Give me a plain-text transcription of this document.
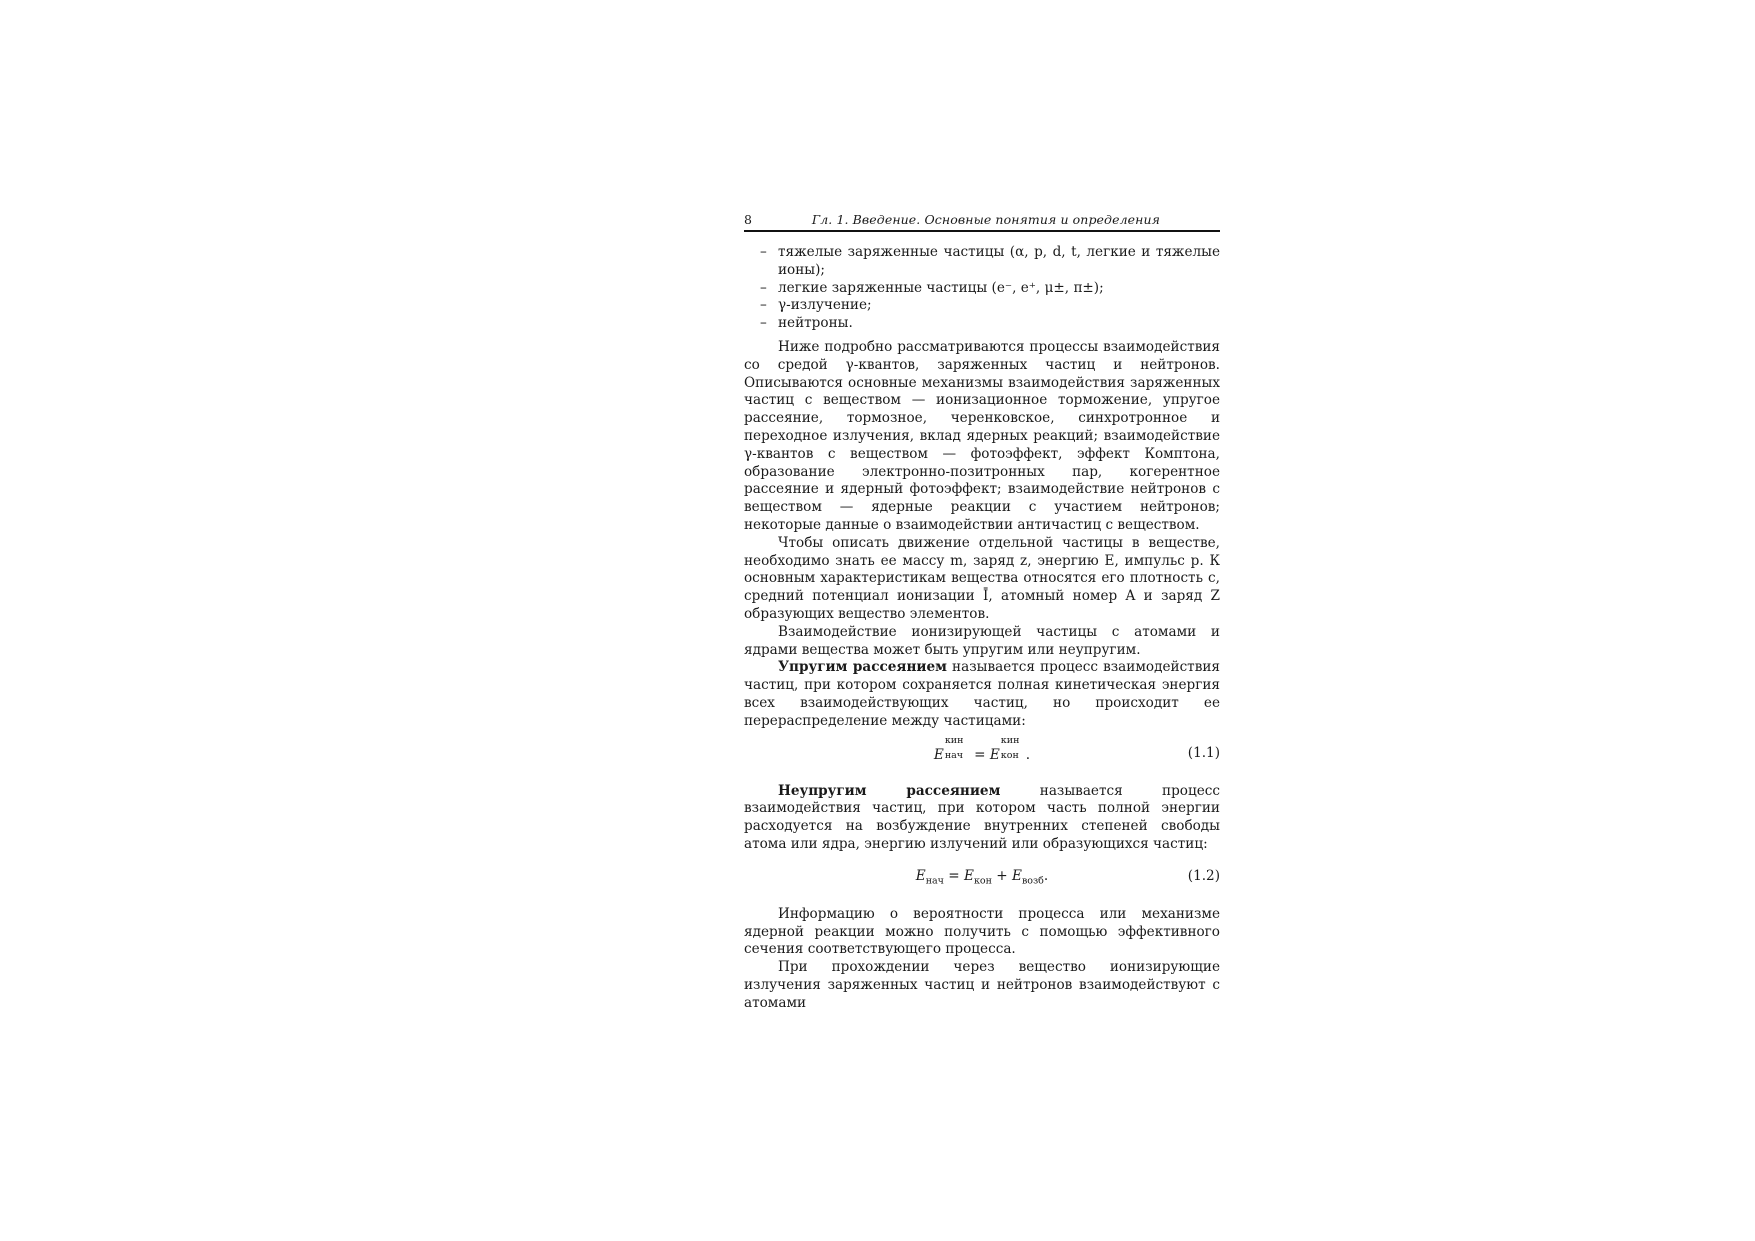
8	Гл. 1. Введение. Основные понятия и определения
– тяжелые заряженные частицы (α, p, d, t, легкие и тяжелые ионы);
– легкие заряженные частицы (e⁻, e⁺, μ±, π±);
– γ-излучение;
– нейтроны.

Ниже подробно рассматриваются процессы взаимодействия со средой γ-квантов, заряженных частиц и нейтронов. Описываются основные механизмы взаимодействия заряженных частиц с веществом — ионизационное торможение, упругое рассеяние, тормозное, черенковское, синхротронное и переходное излучения, вклад ядерных реакций; взаимодействие γ-квантов с веществом — фотоэффект, эффект Комптона, образование электронно-позитронных пар, когерентное рассеяние и ядерный фотоэффект; взаимодействие нейтронов с веществом — ядерные реакции с участием нейтронов; некоторые данные о взаимодействии античастиц с веществом.

Чтобы описать движение отдельной частицы в веществе, необходимо знать ее массу m, заряд z, энергию E, импульс p. К основным характеристикам вещества относятся его плотность c, средний потенциал ионизации Ī, атомный номер A и заряд Z образующих вещество элементов.

Взаимодействие ионизирующей частицы с атомами и ядрами вещества может быть упругим или неупругим.

Упругим рассеянием называется процесс взаимодействия частиц, при котором сохраняется полная кинетическая энергия всех взаимодействующих частиц, но происходит ее перераспределение между частицами:

E
кин
нач = E
кин
кон .	(1.1)

Неупругим рассеянием называется процесс взаимодействия частиц, при котором часть полной энергии расходуется на возбуждение внутренних степеней свободы атома или ядра, энергию излучений или образующихся частиц:

$E_{нач} = E_{кон} + E_{возб}$.	(1.2)

Информацию о вероятности процесса или механизме ядерной реакции можно получить с помощью эффективного сечения соответствующего процесса.

При прохождении через вещество ионизирующие излучения заряженных частиц и нейтронов взаимодействуют с атомами
